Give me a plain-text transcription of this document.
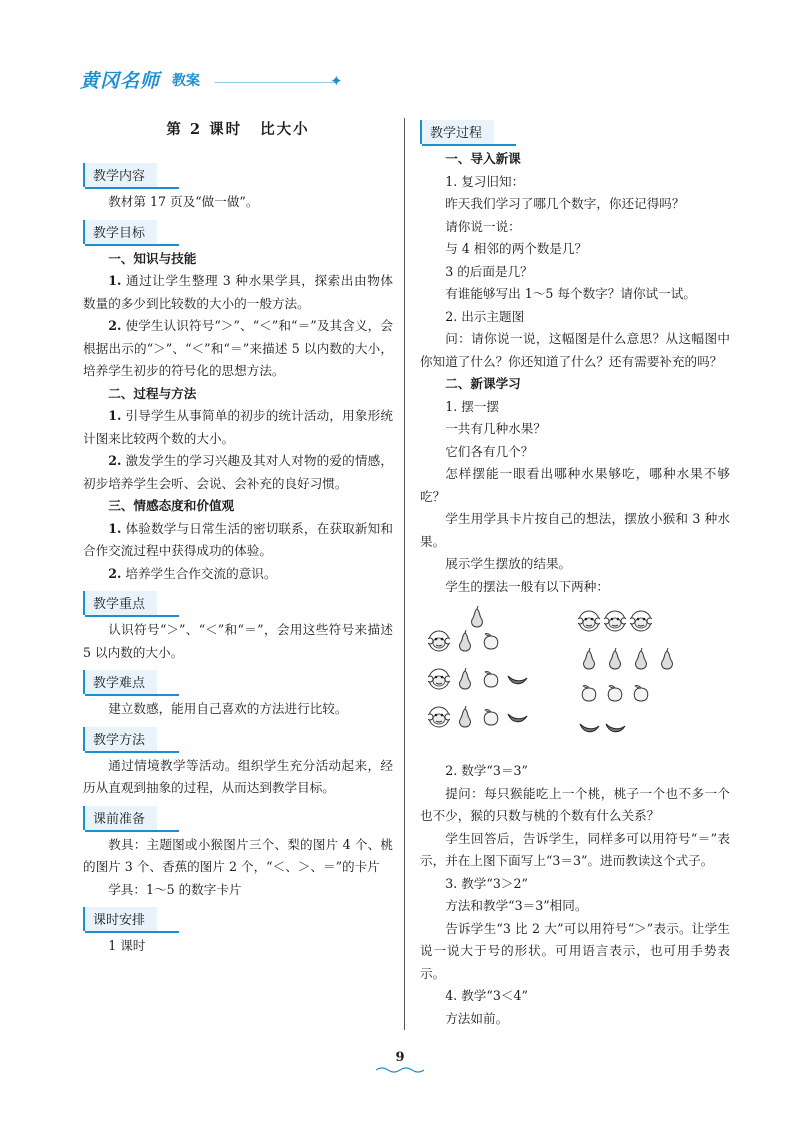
黄冈名师 教案	✦
第 2 课时 比大小
教学内容

教材第 17 页及“做一做”。

教学目标

一、知识与技能

1. 通过让学生整理 3 种水果学具，探索出由物体数量的多少到比较数的大小的一般方法。

2. 使学生认识符号“＞”、“＜”和“＝”及其含义，会根据出示的“＞”、“＜”和“＝”来描述 5 以内数的大小，培养学生初步的符号化的思想方法。

二、过程与方法

1. 引导学生从事简单的初步的统计活动，用象形统计图来比较两个数的大小。

2. 激发学生的学习兴趣及其对人对物的爱的情感，初步培养学生会听、会说、会补充的良好习惯。

三、情感态度和价值观

1. 体验数学与日常生活的密切联系，在获取新知和合作交流过程中获得成功的体验。

2. 培养学生合作交流的意识。

教学重点

认识符号“＞”、“＜”和“＝”，会用这些符号来描述 5 以内数的大小。

教学难点

建立数感，能用自己喜欢的方法进行比较。

教学方法

通过情境教学等活动。组织学生充分活动起来，经历从直观到抽象的过程，从而达到教学目标。

课前准备

教具：主题图或小猴图片三个、梨的图片 4 个、桃的图片 3 个、香蕉的图片 2 个，“＜、＞、＝”的卡片

学具：1～5 的数字卡片

课时安排

1 课时

教学过程

一、导入新课

1. 复习旧知：

昨天我们学习了哪几个数字，你还记得吗？

请你说一说：

与 4 相邻的两个数是几？

3 的后面是几？

有谁能够写出 1～5 每个数字？请你试一试。

2. 出示主题图

问：请你说一说，这幅图是什么意思？从这幅图中你知道了什么？你还知道了什么？还有需要补充的吗？

二、新课学习

1. 摆一摆

一共有几种水果？

它们各有几个？

怎样摆能一眼看出哪种水果够吃，哪种水果不够吃？

学生用学具卡片按自己的想法，摆放小猴和 3 种水果。

展示学生摆放的结果。

学生的摆法一般有以下两种：

2. 数学“3＝3”

提问：每只猴能吃上一个桃，桃子一个也不多一个也不少，猴的只数与桃的个数有什么关系？

学生回答后，告诉学生，同样多可以用符号“＝”表示，并在上图下面写上“3＝3”。进而教读这个式子。

3. 教学“3＞2”

方法和教学“3＝3”相同。

告诉学生“3 比 2 大”可以用符号“＞”表示。让学生说一说大于号的形状。可用语言表示，也可用手势表示。

4. 教学“3＜4”

方法如前。

9
